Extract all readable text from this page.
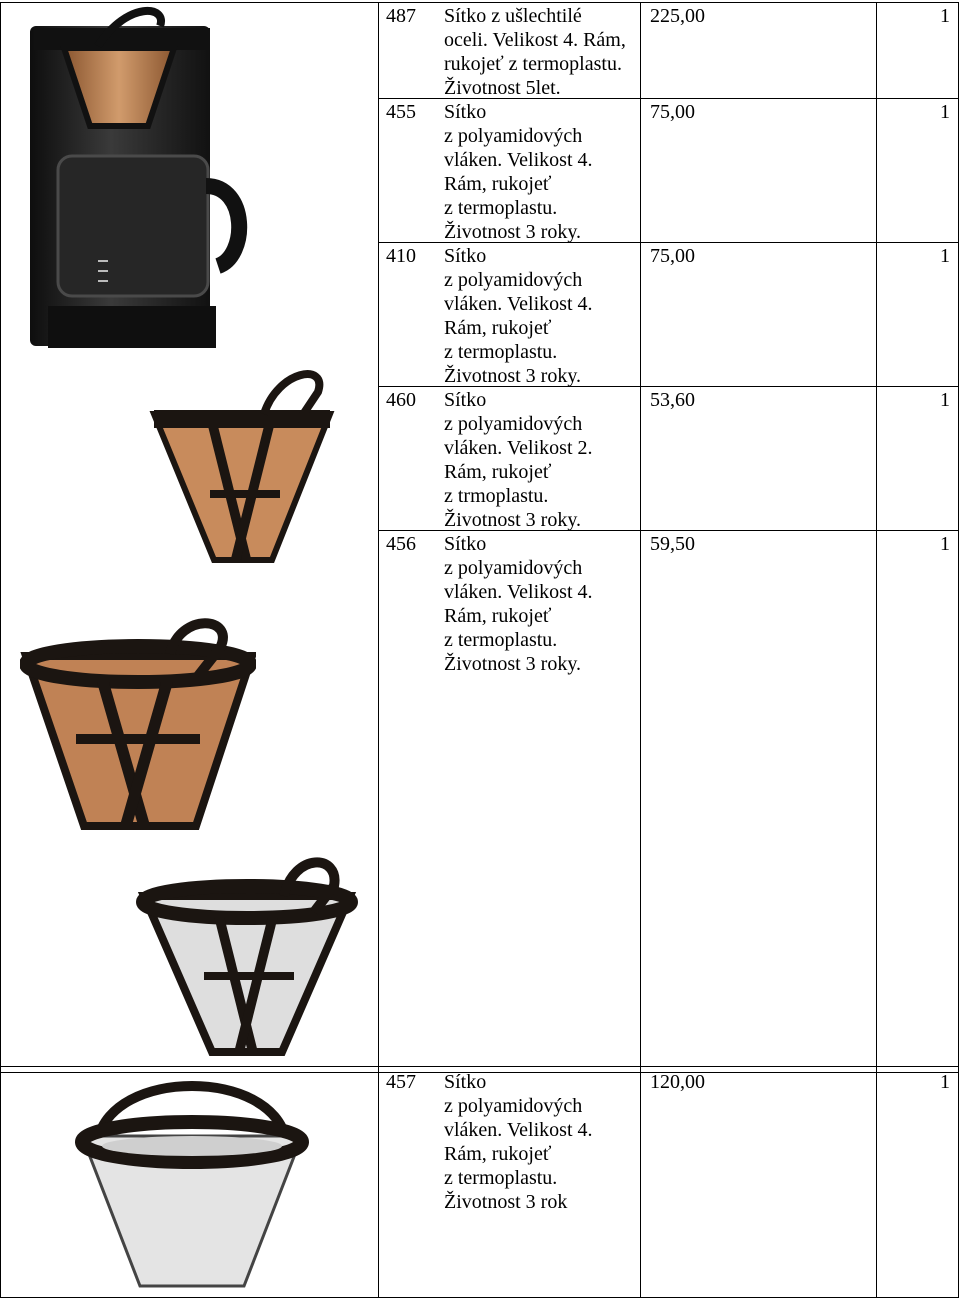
487	Sítko z ušlechtilé
oceli. Velikost 4. Rám,
rukojeť z termoplastu.
Životnost 5let.
225,00	1
455	Sítko
z polyamidových
vláken. Velikost 4.
Rám, rukojeť
z termoplastu.
Životnost 3 roky.
75,00	1
410	Sítko
z polyamidových
vláken. Velikost 4.
Rám, rukojeť
z termoplastu.
Životnost 3 roky.
75,00	1
460	Sítko
z polyamidových
vláken. Velikost 2.
Rám, rukojeť
z trmoplastu.
Životnost 3 roky.
53,60	1
456	Sítko
z polyamidových
vláken. Velikost 4.
Rám, rukojeť
z termoplastu.
Životnost 3 roky.
59,50	1
457	Sítko
z polyamidových
vláken. Velikost 4.
Rám, rukojeť
z termoplastu.
Životnost 3 rok
120,00	1
